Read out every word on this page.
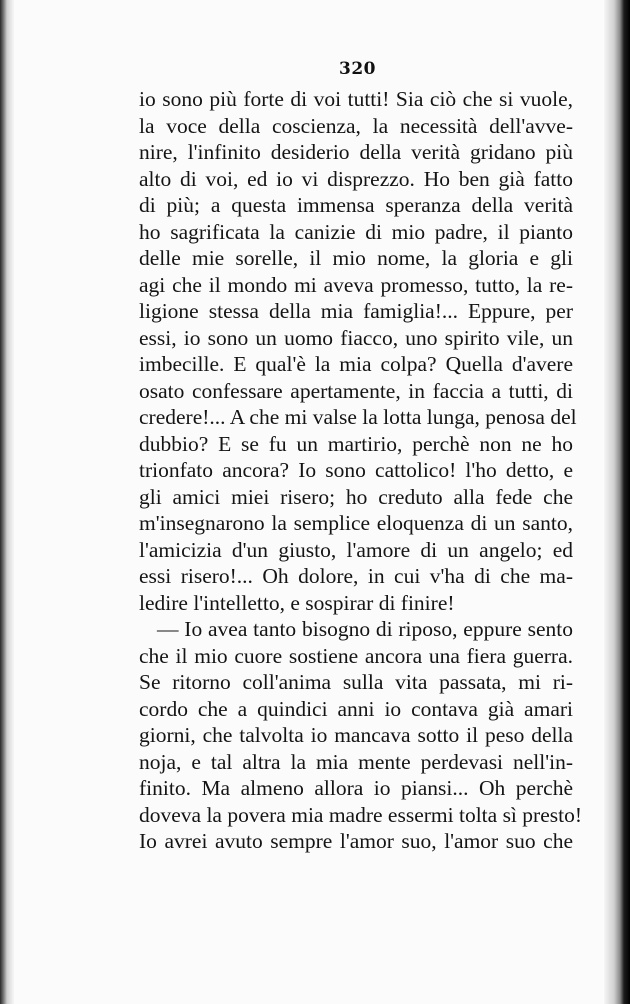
320
io sono più forte di voi tutti! Sia ciò che si vuole,
la voce della coscienza, la necessità dell'avve-
nire, l'infinito desiderio della verità gridano più
alto di voi, ed io vi disprezzo. Ho ben già fatto
di più; a questa immensa speranza della verità
ho sagrificata la canizie di mio padre, il pianto
delle mie sorelle, il mio nome, la gloria e gli
agi che il mondo mi aveva promesso, tutto, la re-
ligione stessa della mia famiglia!... Eppure, per
essi, io sono un uomo fiacco, uno spirito vile, un
imbecille. E qual'è la mia colpa? Quella d'avere
osato confessare apertamente, in faccia a tutti, di
credere!... A che mi valse la lotta lunga, penosa del
dubbio? E se fu un martirio, perchè non ne ho
trionfato ancora? Io sono cattolico! l'ho detto, e
gli amici miei risero; ho creduto alla fede che
m'insegnarono la semplice eloquenza di un santo,
l'amicizia d'un giusto, l'amore di un angelo; ed
essi risero!... Oh dolore, in cui v'ha di che ma-
ledire l'intelletto, e sospirar di finire!
— Io avea tanto bisogno di riposo, eppure sento
che il mio cuore sostiene ancora una fiera guerra.
Se ritorno coll'anima sulla vita passata, mi ri-
cordo che a quindici anni io contava già amari
giorni, che talvolta io mancava sotto il peso della
noja, e tal altra la mia mente perdevasi nell'in-
finito. Ma almeno allora io piansi... Oh perchè
doveva la povera mia madre essermi tolta sì presto!
Io avrei avuto sempre l'amor suo, l'amor suo che
